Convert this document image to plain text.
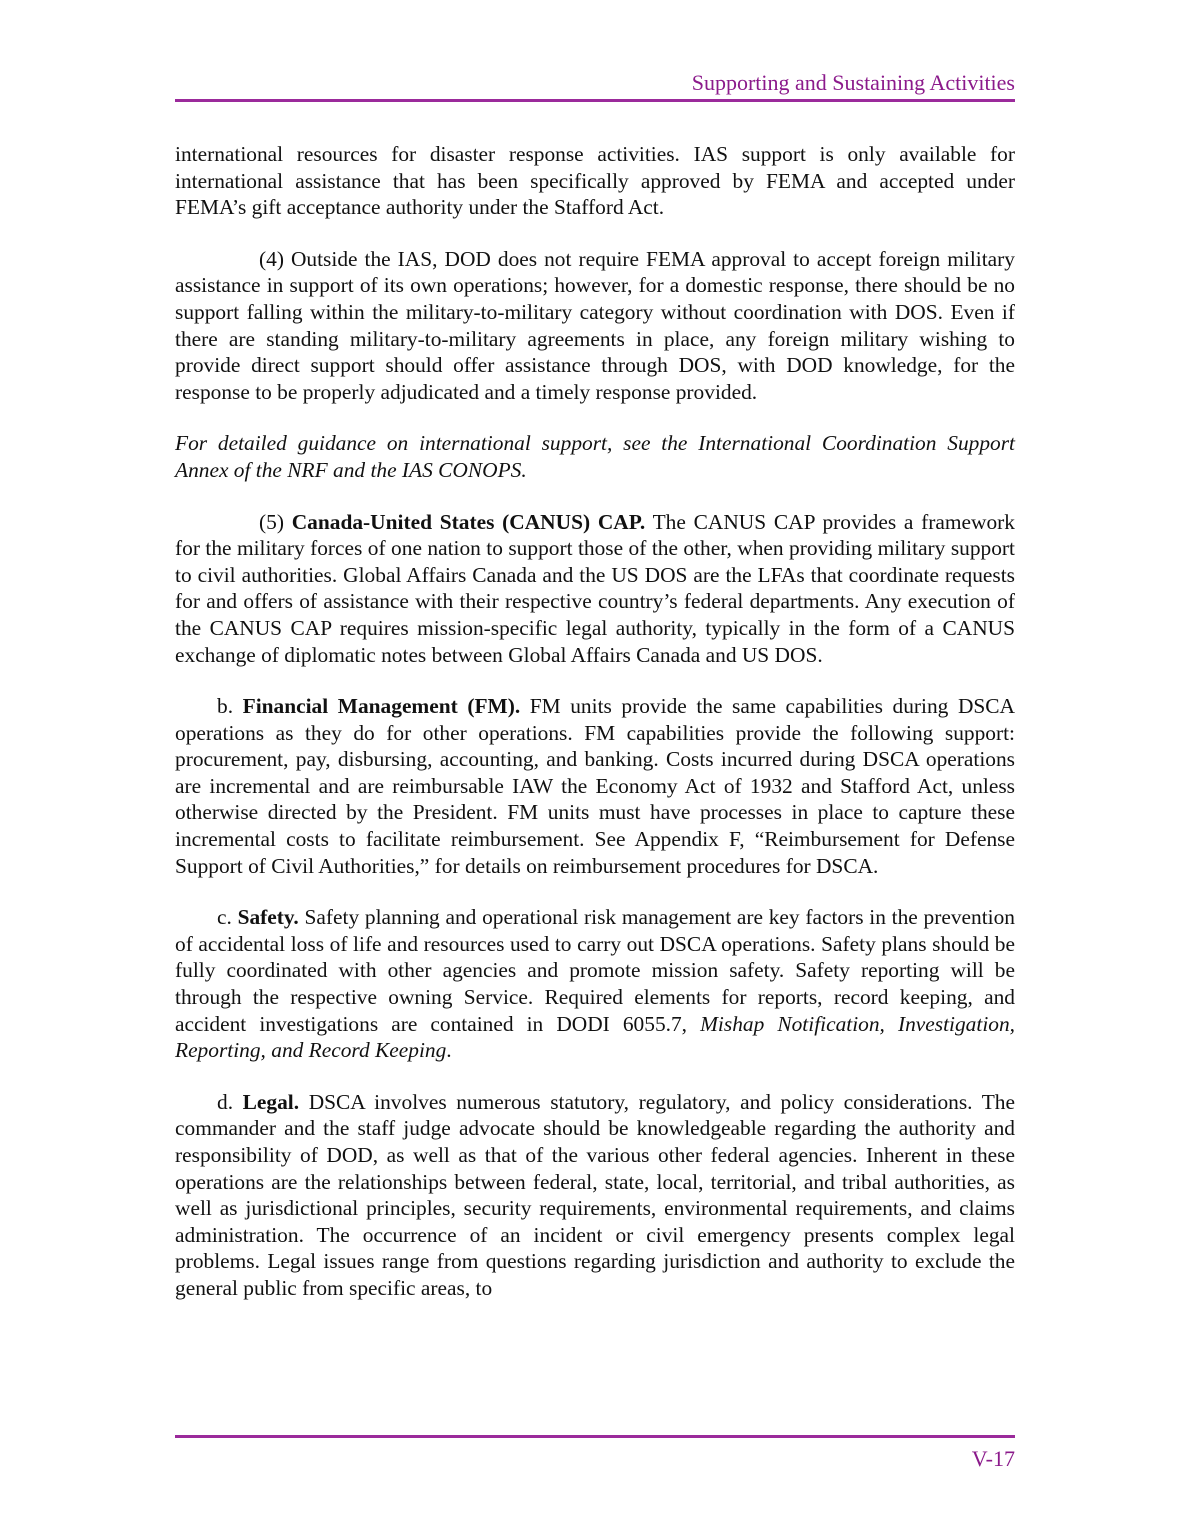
Supporting and Sustaining Activities

international resources for disaster response activities. IAS support is only available for international assistance that has been specifically approved by FEMA and accepted under FEMA’s gift acceptance authority under the Stafford Act.

(4) Outside the IAS, DOD does not require FEMA approval to accept foreign military assistance in support of its own operations; however, for a domestic response, there should be no support falling within the military-to-military category without coordination with DOS. Even if there are standing military-to-military agreements in place, any foreign military wishing to provide direct support should offer assistance through DOS, with DOD knowledge, for the response to be properly adjudicated and a timely response provided.

For detailed guidance on international support, see the International Coordination Support Annex of the NRF and the IAS CONOPS.

(5) Canada-United States (CANUS) CAP. The CANUS CAP provides a framework for the military forces of one nation to support those of the other, when providing military support to civil authorities. Global Affairs Canada and the US DOS are the LFAs that coordinate requests for and offers of assistance with their respective country’s federal departments. Any execution of the CANUS CAP requires mission-specific legal authority, typically in the form of a CANUS exchange of diplomatic notes between Global Affairs Canada and US DOS.

b. Financial Management (FM). FM units provide the same capabilities during DSCA operations as they do for other operations. FM capabilities provide the following support: procurement, pay, disbursing, accounting, and banking. Costs incurred during DSCA operations are incremental and are reimbursable IAW the Economy Act of 1932 and Stafford Act, unless otherwise directed by the President. FM units must have processes in place to capture these incremental costs to facilitate reimbursement. See Appendix F, “Reimbursement for Defense Support of Civil Authorities,” for details on reimbursement procedures for DSCA.

c. Safety. Safety planning and operational risk management are key factors in the prevention of accidental loss of life and resources used to carry out DSCA operations. Safety plans should be fully coordinated with other agencies and promote mission safety. Safety reporting will be through the respective owning Service. Required elements for reports, record keeping, and accident investigations are contained in DODI 6055.7, Mishap Notification, Investigation, Reporting, and Record Keeping.

d. Legal. DSCA involves numerous statutory, regulatory, and policy considerations. The commander and the staff judge advocate should be knowledgeable regarding the authority and responsibility of DOD, as well as that of the various other federal agencies. Inherent in these operations are the relationships between federal, state, local, territorial, and tribal authorities, as well as jurisdictional principles, security requirements, environmental requirements, and claims administration. The occurrence of an incident or civil emergency presents complex legal problems. Legal issues range from questions regarding jurisdiction and authority to exclude the general public from specific areas, to

V-17
